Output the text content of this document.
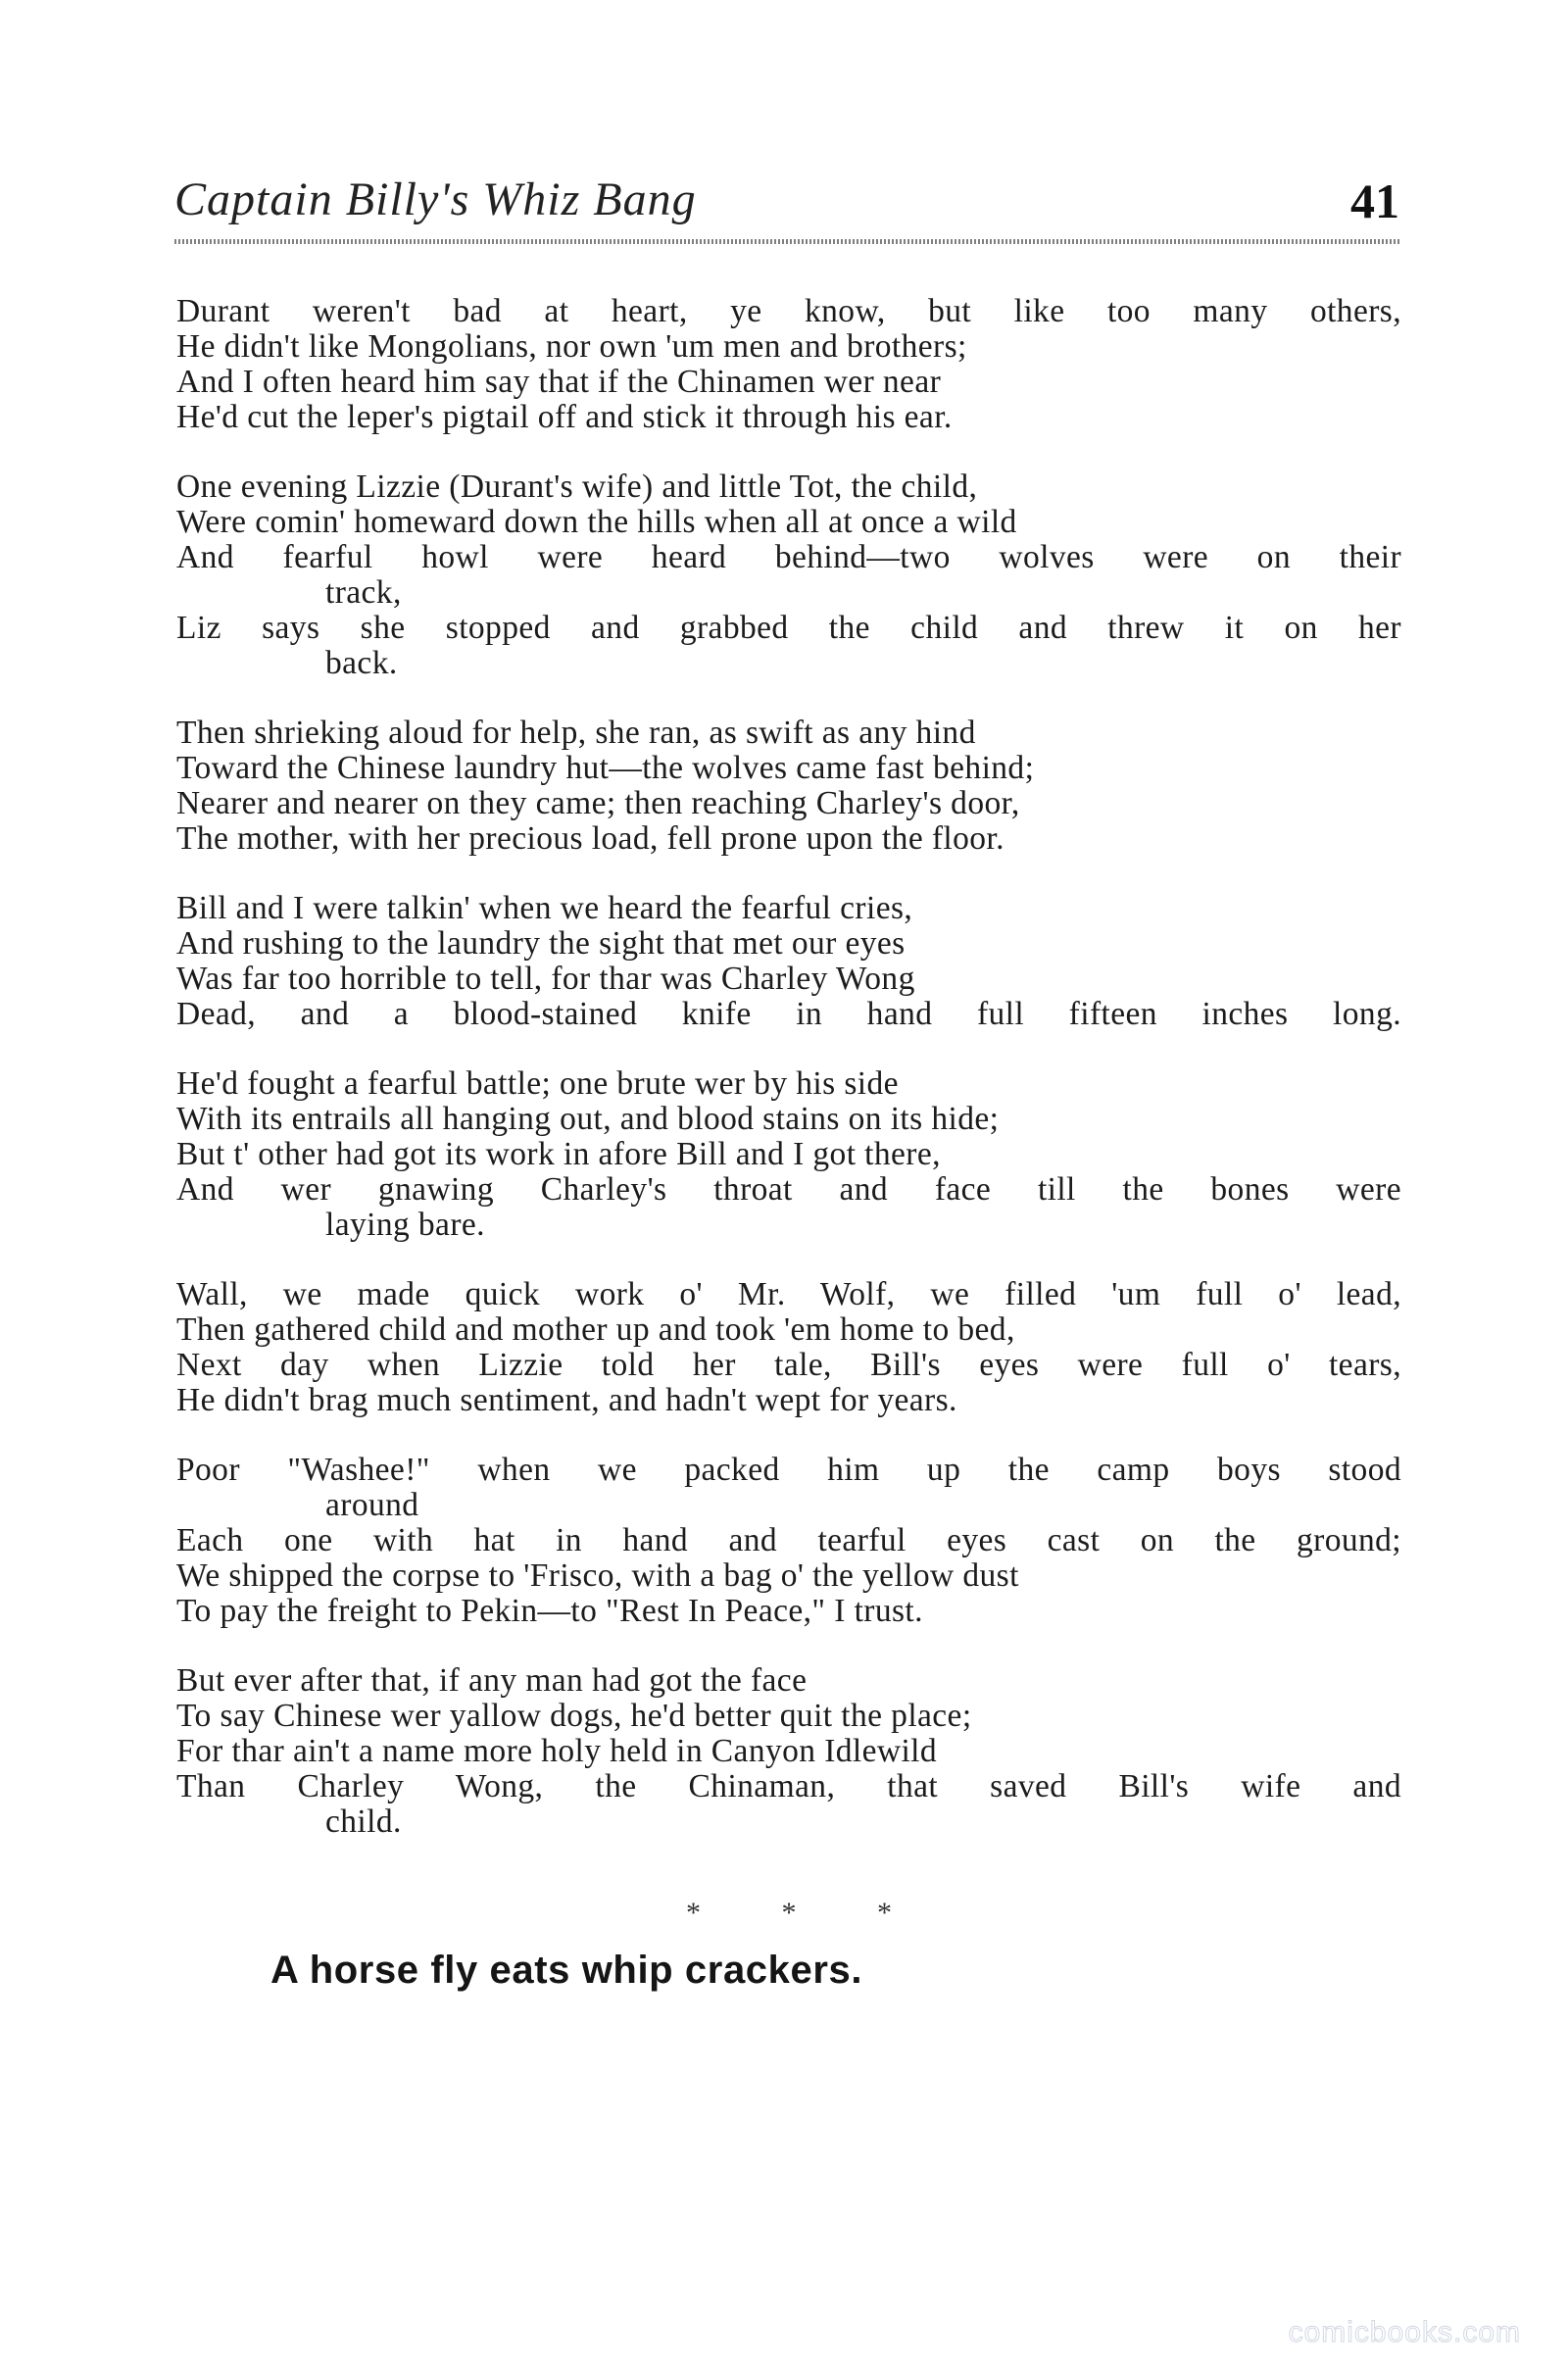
Captain Billy's Whiz Bang	41
Durant weren't bad at heart, ye know, but like too many others,
He didn't like Mongolians, nor own 'um men and brothers;
And I often heard him say that if the Chinamen wer near
He'd cut the leper's pigtail off and stick it through his ear.
One evening Lizzie (Durant's wife) and little Tot, the child,
Were comin' homeward down the hills when all at once a wild
And fearful howl were heard behind—two wolves were on their
track,
Liz says she stopped and grabbed the child and threw it on her
back.
Then shrieking aloud for help, she ran, as swift as any hind
Toward the Chinese laundry hut—the wolves came fast behind;
Nearer and nearer on they came; then reaching Charley's door,
The mother, with her precious load, fell prone upon the floor.
Bill and I were talkin' when we heard the fearful cries,
And rushing to the laundry the sight that met our eyes
Was far too horrible to tell, for thar was Charley Wong
Dead, and a blood-stained knife in hand full fifteen inches long.
He'd fought a fearful battle; one brute wer by his side
With its entrails all hanging out, and blood stains on its hide;
But t' other had got its work in afore Bill and I got there,
And wer gnawing Charley's throat and face till the bones were
laying bare.
Wall, we made quick work o' Mr. Wolf, we filled 'um full o' lead,
Then gathered child and mother up and took 'em home to bed,
Next day when Lizzie told her tale, Bill's eyes were full o' tears,
He didn't brag much sentiment, and hadn't wept for years.
Poor "Washee!" when we packed him up the camp boys stood
around
Each one with hat in hand and tearful eyes cast on the ground;
We shipped the corpse to 'Frisco, with a bag o' the yellow dust
To pay the freight to Pekin—to "Rest In Peace," I trust.
But ever after that, if any man had got the face
To say Chinese wer yallow dogs, he'd better quit the place;
For thar ain't a name more holy held in Canyon Idlewild
Than Charley Wong, the Chinaman, that saved Bill's wife and
child.
*	*	*
A horse fly eats whip crackers.
comicbooks.com
